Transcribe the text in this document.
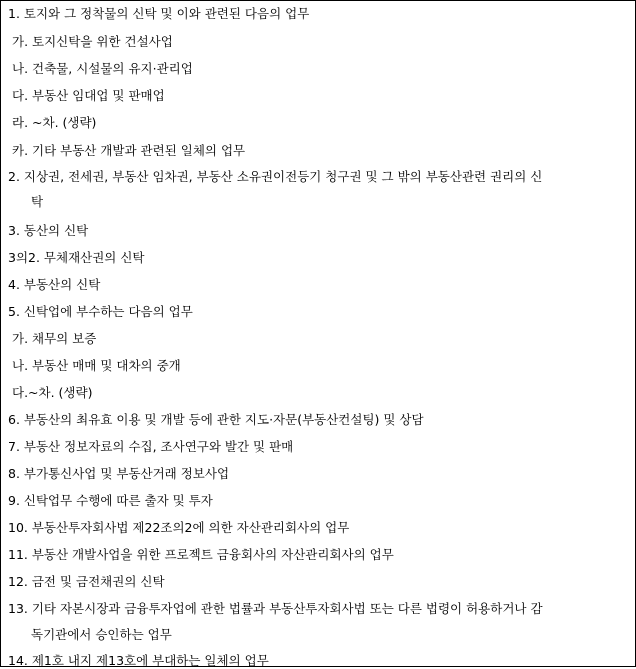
1. 토지와 그 정착물의 신탁 및 이와 관련된 다음의 업무
가. 토지신탁을 위한 건설사업
나. 건축물, 시설물의 유지·관리업
다. 부동산 임대업 및 판매업
라. ~차. (생략)
카. 기타 부동산 개발과 관련된 일체의 업무
2. 지상권, 전세권, 부동산 임차권, 부동산 소유권이전등기 청구권 및 그 밖의 부동산관련 권리의 신
탁
3. 동산의 신탁
3의2. 무체재산권의 신탁
4. 부동산의 신탁
5. 신탁업에 부수하는 다음의 업무
가. 채무의 보증
나. 부동산 매매 및 대차의 중개
다.~차. (생략)
6. 부동산의 최유효 이용 및 개발 등에 관한 지도·자문(부동산컨설팅) 및 상담
7. 부동산 정보자료의 수집, 조사연구와 발간 및 판매
8. 부가통신사업 및 부동산거래 정보사업
9. 신탁업무 수행에 따른 출자 및 투자
10. 부동산투자회사법 제22조의2에 의한 자산관리회사의 업무
11. 부동산 개발사업을 위한 프로젝트 금융회사의 자산관리회사의 업무
12. 금전 및 금전채권의 신탁
13. 기타 자본시장과 금융투자업에 관한 법률과 부동산투자회사법 또는 다른 법령이 허용하거나 감
독기관에서 승인하는 업무
14. 제1호 내지 제13호에 부대하는 일체의 업무
